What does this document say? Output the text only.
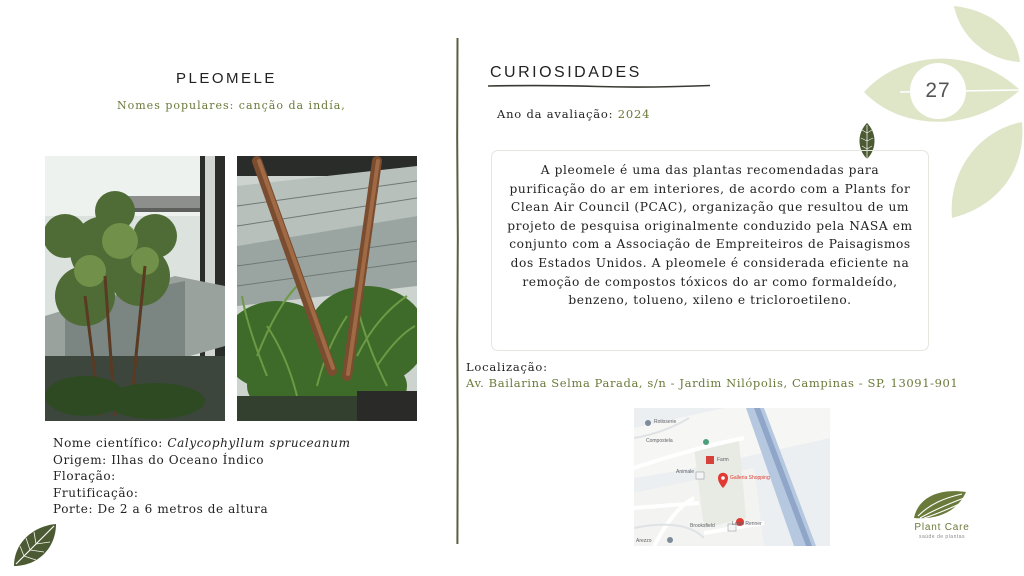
PLEOMELE
Nomes populares: canção da indía,
Nome científico: Calycophyllum spruceanum
Origem: Ilhas do Oceano Índico
Floração:
Frutificação:
Porte: De 2 a 6 metros de altura
CURIOSIDADES
Ano da avaliação: 2024

A pleomele é uma das plantas recomendadas para purificação do ar em interiores, de acordo com a Plants for Clean Air Council (PCAC), organização que resultou de um projeto de pesquisa originalmente conduzido pela NASA em conjunto com a Associação de Empreiteiros de Paisagismos dos Estados Unidos. A pleomele é considerada eficiente na remoção de compostos tóxicos do ar como formaldeído, benzeno, tolueno, xileno e tricloroetileno.

Localização:
Av. Bailarina Selma Parada, s/n - Jardim Nilópolis, Campinas - SP, 13091-901
Rotisserie
Compostela
Farm
Animale
Lojas Renner
Brooksfield
Arezzo
Galleria Shopping
27
Plant Care
saúde de plantas
